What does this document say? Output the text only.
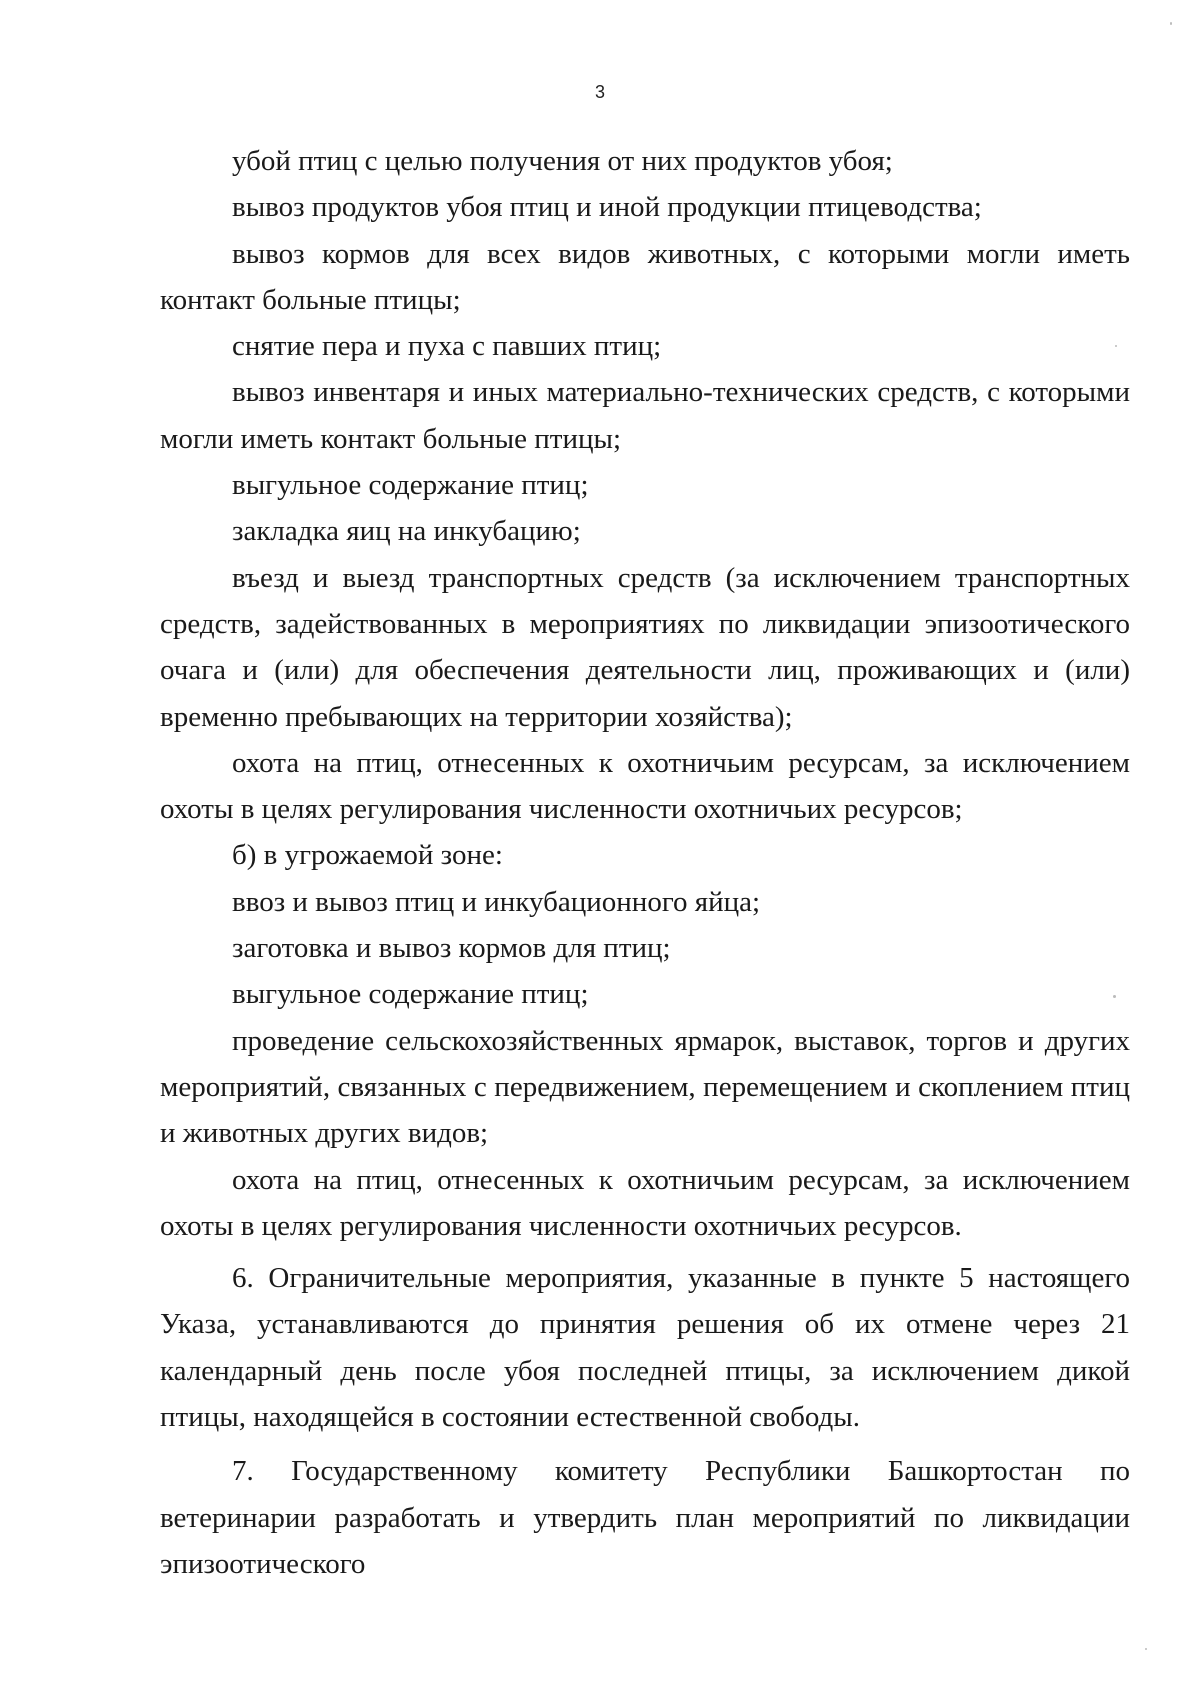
3

убой птиц с целью получения от них продуктов убоя;

вывоз продуктов убоя птиц и иной продукции птицеводства;

вывоз кормов для всех видов животных, с которыми могли иметь контакт больные птицы;

снятие пера и пуха с павших птиц;

вывоз инвентаря и иных материально-технических средств, с которыми могли иметь контакт больные птицы;

выгульное содержание птиц;

закладка яиц на инкубацию;

въезд и выезд транспортных средств (за исключением транспортных средств, задействованных в мероприятиях по ликвидации эпизоотического очага и (или) для обеспечения деятельности лиц, проживающих и (или) временно пребывающих на территории хозяйства);

охота на птиц, отнесенных к охотничьим ресурсам, за исключением охоты в целях регулирования численности охотничьих ресурсов;

б) в угрожаемой зоне:

ввоз и вывоз птиц и инкубационного яйца;

заготовка и вывоз кормов для птиц;

выгульное содержание птиц;

проведение сельскохозяйственных ярмарок, выставок, торгов и других мероприятий, связанных с передвижением, перемещением и скоплением птиц и животных других видов;

охота на птиц, отнесенных к охотничьим ресурсам, за исключением охоты в целях регулирования численности охотничьих ресурсов.

6. Ограничительные мероприятия, указанные в пункте 5 настоящего Указа, устанавливаются до принятия решения об их отмене через 21 календарный день после убоя последней птицы, за исключением дикой птицы, находящейся в состоянии естественной свободы.

7. Государственному комитету Республики Башкортостан по ветеринарии разработать и утвердить план мероприятий по ликвидации эпизоотического
